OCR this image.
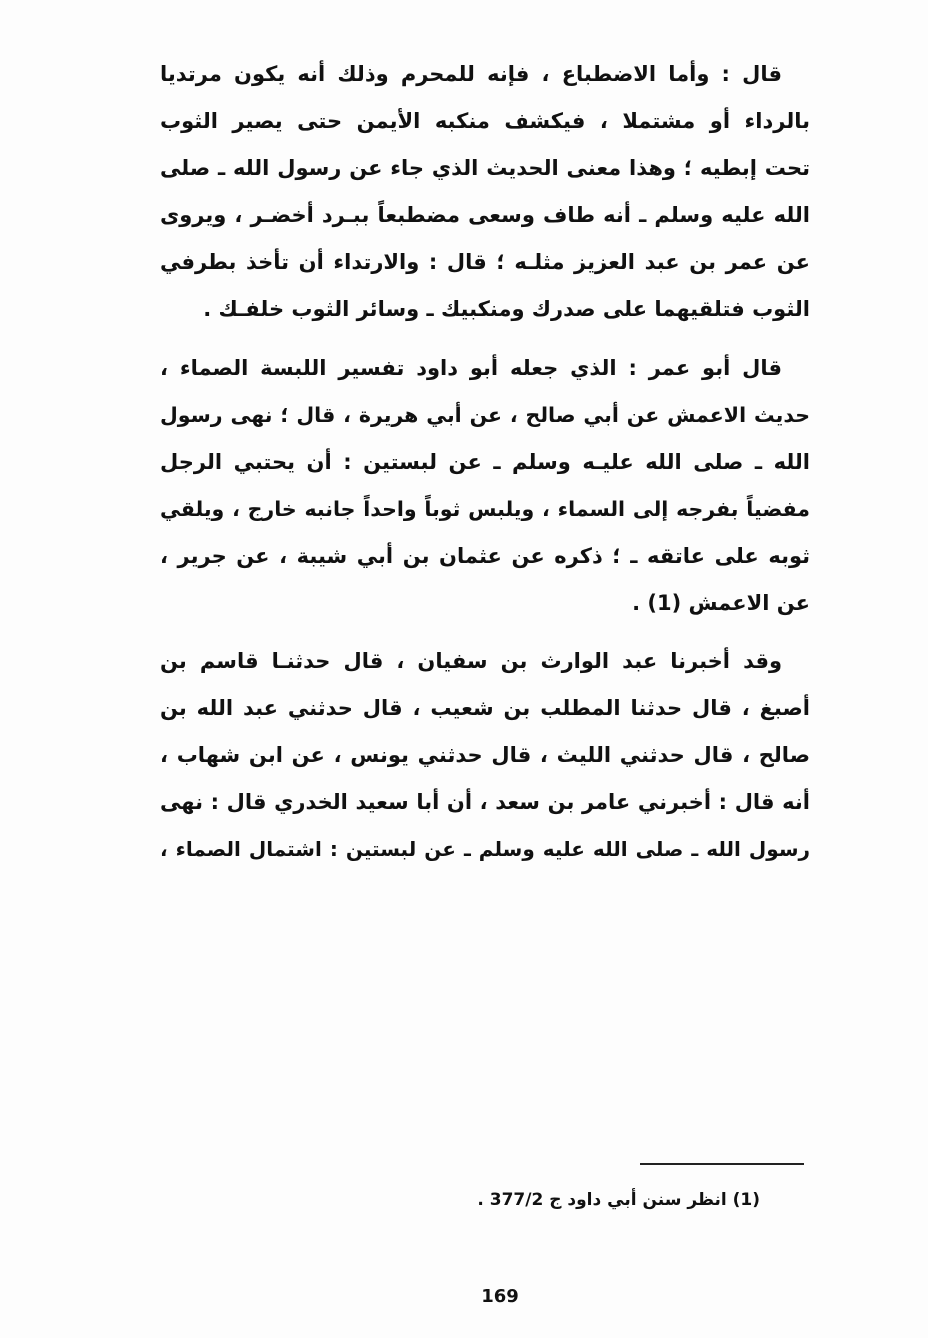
قال : وأما الاضطباع ، فإنه للمحرم وذلك أنه يكون مرتديا
بالرداء أو مشتملا ، فيكشف منكبه الأيمن حتى يصير الثوب
تحت إبطيه ؛ وهذا معنى الحديث الذي جاء عن رسول الله ـ صلى
الله عليه وسلم ـ أنه طاف وسعى مضطبعاً ببـرد أخضـر ، ويروى
عن عمر بن عبد العزيز مثلـه ؛ قال : والارتداء أن تأخذ بطرفي
الثوب فتلقيهما على صدرك ومنكبيك ـ وسائر الثوب خلفـك .
قال أبو عمر : الذي جعله أبو داود تفسير اللبسة الصماء ،
حديث الاعمش عن أبي صالح ، عن أبي هريرة ، قال ؛ نهى رسول
الله ـ صلى الله عليـه وسلم ـ عن لبستين : أن يحتبي الرجل
مفضياً بفرجه إلى السماء ، ويلبس ثوباً واحداً جانبه خارج ، ويلقي
ثوبه على عاتقه ـ ؛ ذكره عن عثمان بن أبي شيبة ، عن جرير ،
عن الاعمش (1) .
وقد أخبرنا عبد الوارث بن سفيان ، قال حدثنـا قاسم بن
أصبغ ، قال حدثنا المطلب بن شعيب ، قال حدثني عبد الله بن
صالح ، قال حدثني الليث ، قال حدثني يونس ، عن ابن شهاب ،
أنه قال : أخبرني عامر بن سعد ، أن أبا سعيد الخدري قال : نهى
رسول الله ـ صلى الله عليه وسلم ـ عن لبستين : اشتمال الصماء ،
(1) انظر سنن أبي داود ج 377/2 .
169
